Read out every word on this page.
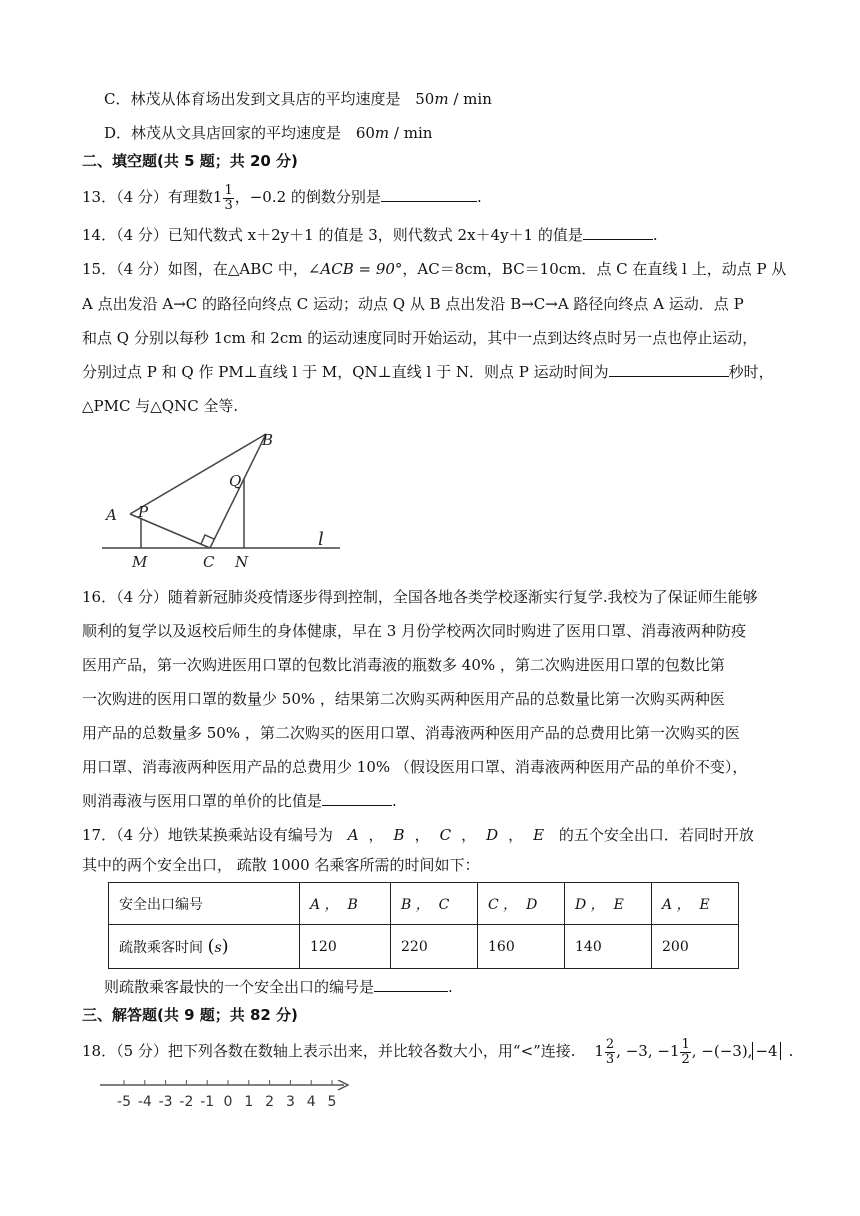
C．林茂从体育场出发到文具店的平均速度是 50m / min
D．林茂从文具店回家的平均速度是 60m / min
二、填空题(共 5 题；共 20 分)
13．（4 分）有理数$1 \frac{1}{3}$ ，−0.2 的倒数分别是	.
14．（4 分）已知代数式 x＋2y＋1 的值是 3，则代数式 2x＋4y＋1 的值是	.
15．（4 分）如图，在△ABC 中，∠ACB = 90°，AC＝8cm，BC＝10cm．点 C 在直线 l 上，动点 P 从
A 点出发沿 A→C 的路径向终点 C 运动；动点 Q 从 B 点出发沿 B→C→A 路径向终点 A 运动．点 P
和点 Q 分别以每秒 1cm 和 2cm 的运动速度同时开始运动，其中一点到达终点时另一点也停止运动，
分别过点 P 和 Q 作 PM⊥直线 l 于 M，QN⊥直线 l 于 N．则点 P 运动时间为	秒时，
△PMC 与△QNC 全等.
A
B
C
P
Q
M	N
l
16．（4 分）随着新冠肺炎疫情逐步得到控制，全国各地各类学校逐渐实行复学.我校为了保证师生能够
顺利的复学以及返校后师生的身体健康，早在 3 月份学校两次同时购进了医用口罩、消毒液两种防疫
医用产品，第一次购进医用口罩的包数比消毒液的瓶数多 40% ，第二次购进医用口罩的包数比第
一次购进的医用口罩的数量少 50% ，结果第二次购买两种医用产品的总数量比第一次购买两种医
用产品的总数量多 50% ，第二次购买的医用口罩、消毒液两种医用产品的总费用比第一次购买的医
用口罩、消毒液两种医用产品的总费用少 10% （假设医用口罩、消毒液两种医用产品的单价不变），
则消毒液与医用口罩的单价的比值是	.
17．（4 分）地铁某换乘站设有编号为 A ， B ， C ， D ， E 的五个安全出口．若同时开放
其中的两个安全出口， 疏散 1000 名乘客所需的时间如下：
安全出口编号	A ，  B	B ，  C	C ，  D	D ，  E	A ，  E
疏散乘客时间 (s)	120	220	160	140	200
则疏散乘客最快的一个安全出口的编号是	.
三、解答题(共 9 题；共 82 分)
18．（5 分）把下列各数在数轴上表示出来，并比较各数大小，用“<”连接. $1 \frac{2}{3}$ , −3, $-1 \frac{1}{2}$ , −(−3), −4 .
-5 -4 -3 -2 -1 0 1 2 3 4 5
